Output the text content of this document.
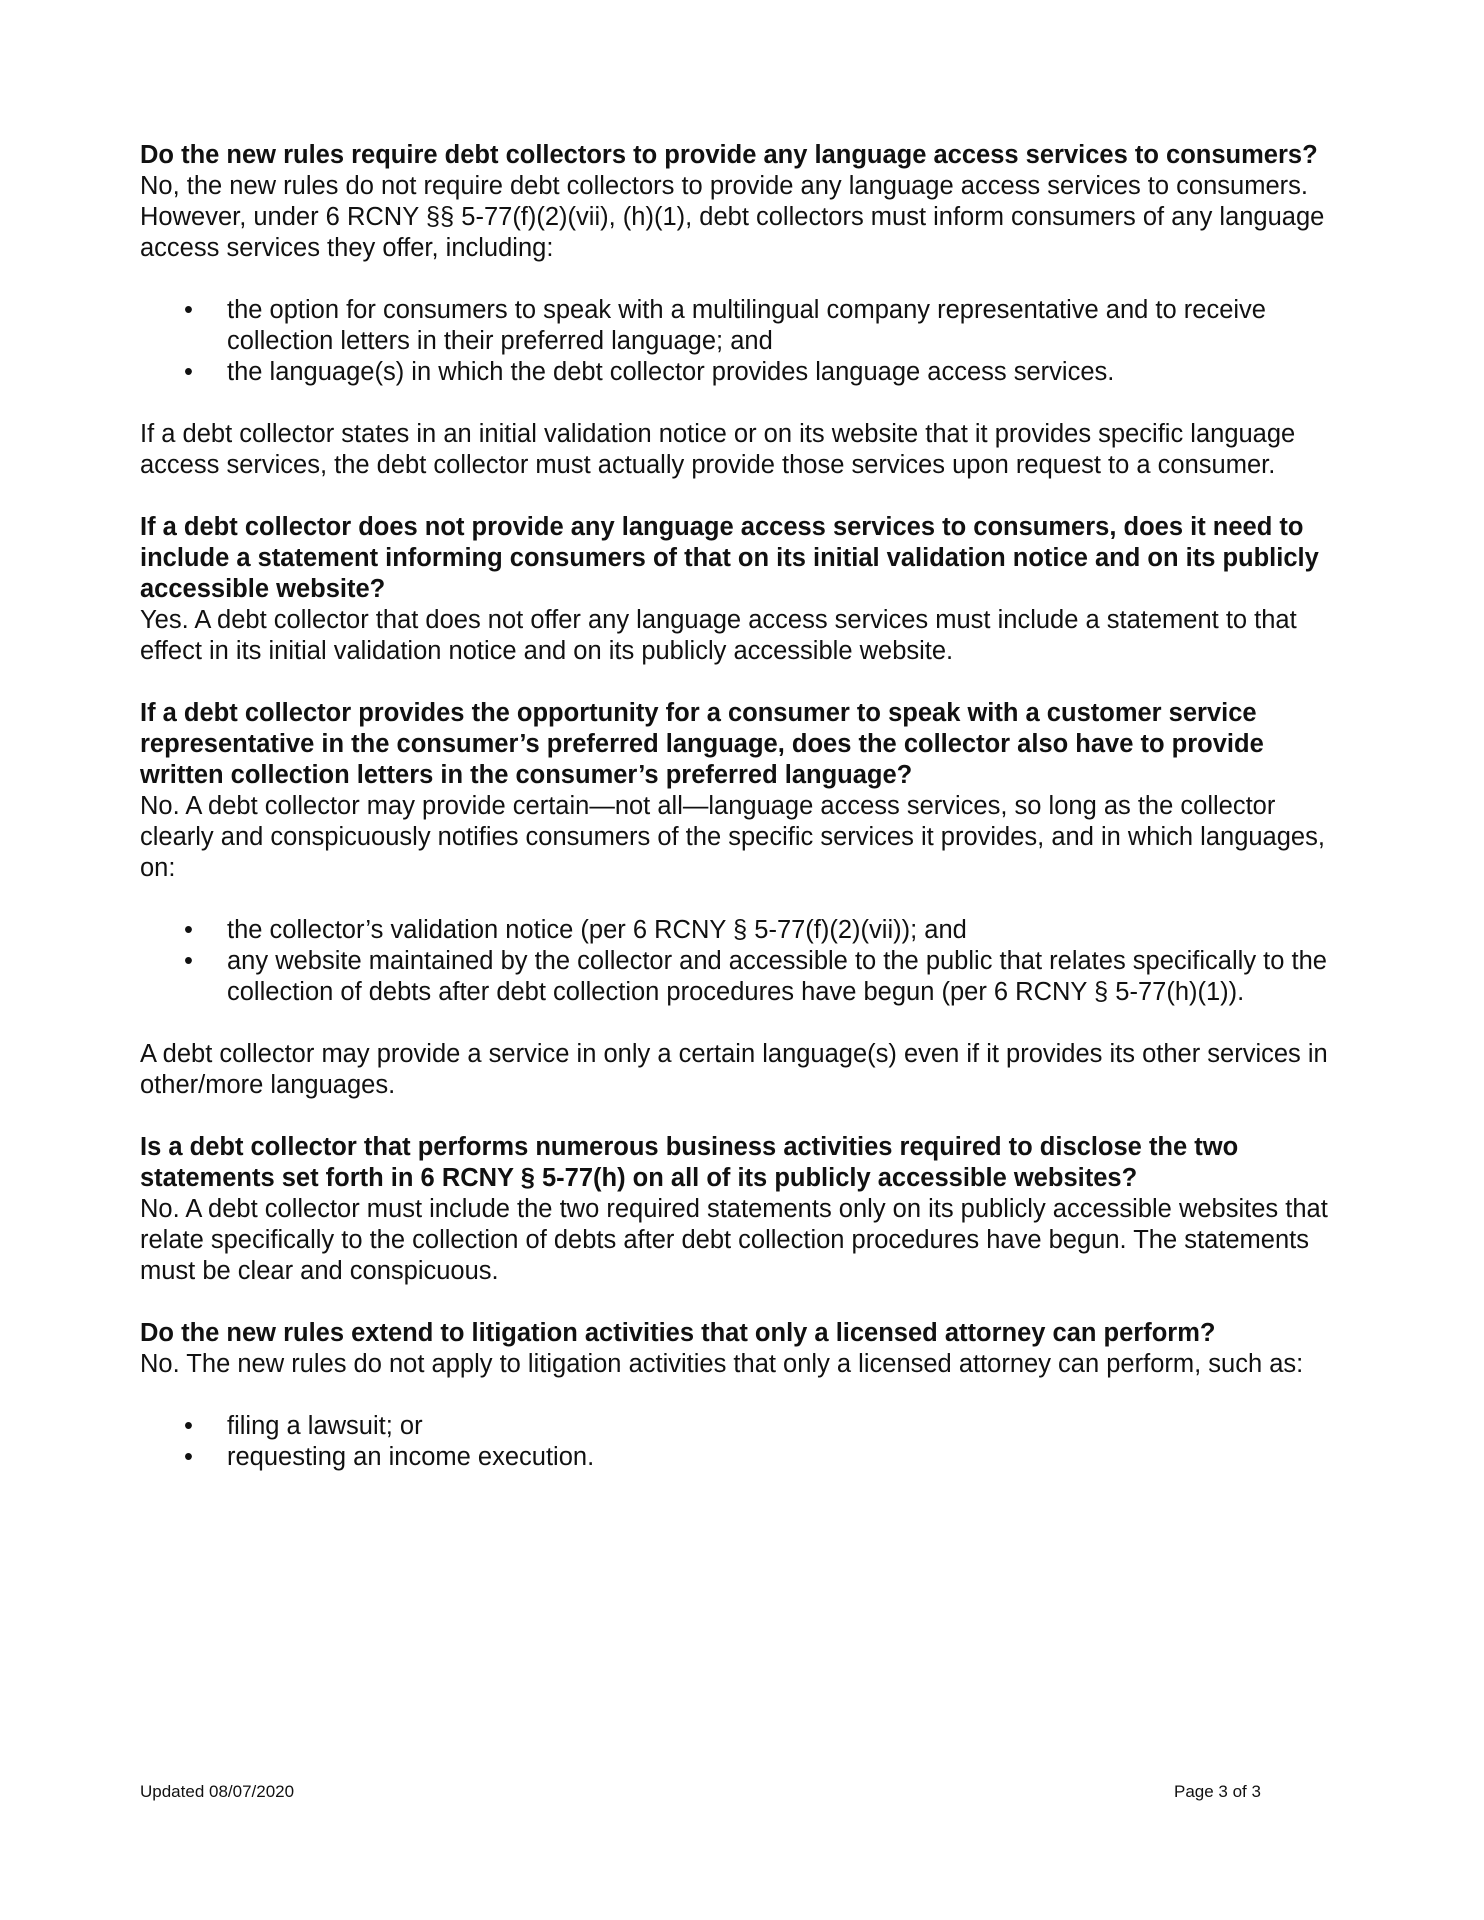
Do the new rules require debt collectors to provide any language access services to consumers?

No, the new rules do not require debt collectors to provide any language access services to consumers. However, under 6 RCNY §§ 5-77(f)(2)(vii), (h)(1), debt collectors must inform consumers of any language access services they offer, including:

• the option for consumers to speak with a multilingual company representative and to receive collection letters in their preferred language; and
• the language(s) in which the debt collector provides language access services.

If a debt collector states in an initial validation notice or on its website that it provides specific language access services, the debt collector must actually provide those services upon request to a consumer.

If a debt collector does not provide any language access services to consumers, does it need to include a statement informing consumers of that on its initial validation notice and on its publicly accessible website?

Yes. A debt collector that does not offer any language access services must include a statement to that effect in its initial validation notice and on its publicly accessible website.

If a debt collector provides the opportunity for a consumer to speak with a customer service representative in the consumer’s preferred language, does the collector also have to provide written collection letters in the consumer’s preferred language?

No. A debt collector may provide certain—not all—language access services, so long as the collector clearly and conspicuously notifies consumers of the specific services it provides, and in which languages, on:

• the collector’s validation notice (per 6 RCNY § 5-77(f)(2)(vii)); and
• any website maintained by the collector and accessible to the public that relates specifically to the collection of debts after debt collection procedures have begun (per 6 RCNY § 5-77(h)(1)).

A debt collector may provide a service in only a certain language(s) even if it provides its other services in other/more languages.

Is a debt collector that performs numerous business activities required to disclose the two statements set forth in 6 RCNY § 5-77(h) on all of its publicly accessible websites?

No. A debt collector must include the two required statements only on its publicly accessible websites that relate specifically to the collection of debts after debt collection procedures have begun. The statements must be clear and conspicuous.

Do the new rules extend to litigation activities that only a licensed attorney can perform?

No. The new rules do not apply to litigation activities that only a licensed attorney can perform, such as:

• filing a lawsuit; or
• requesting an income execution.
Updated 08/07/2020	Page 3 of 3
